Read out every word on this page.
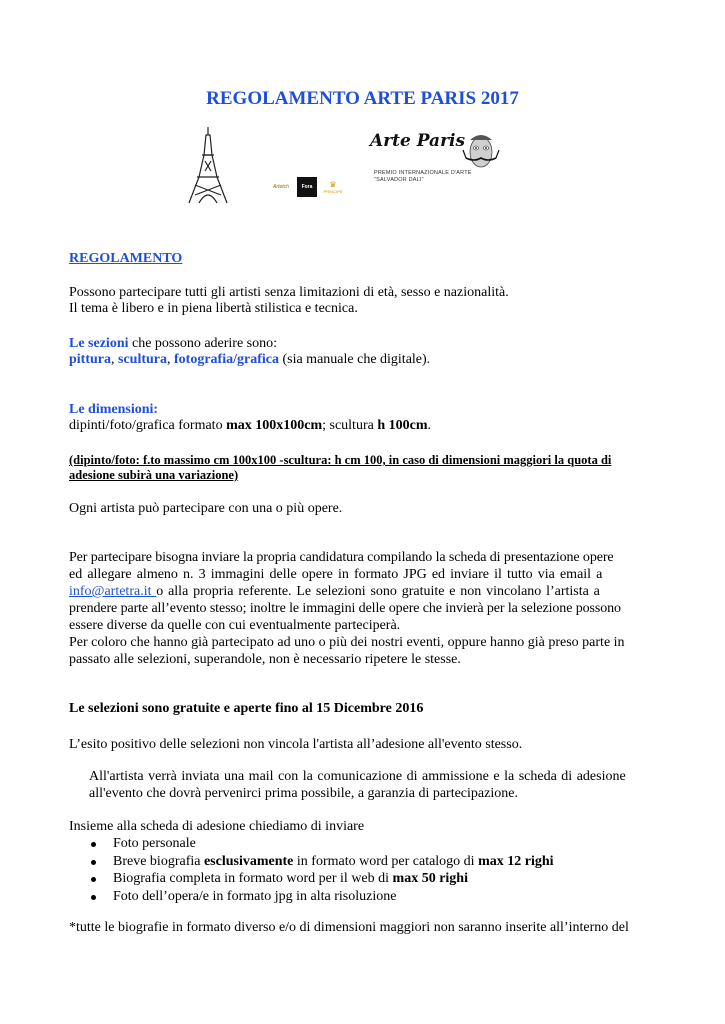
REGOLAMENTO ARTE PARIS 2017
Artetch	Fora	♛
PRINCIPE
Arte Paris
PREMIO INTERNAZIONALE D'ARTE
"SALVADOR DALI"
REGOLAMENTO
Possono partecipare tutti gli artisti senza limitazioni di età, sesso e nazionalità.
Il tema è libero e in piena libertà stilistica e tecnica.
Le sezioni che possono aderire sono:
pittura, scultura, fotografia/grafica (sia manuale che digitale).
Le dimensioni:
dipinti/foto/grafica formato max 100x100cm; scultura h 100cm.
(dipinto/foto: f.to massimo cm 100x100 -scultura: h cm 100, in caso di dimensioni maggiori la quota di
adesione subirà una variazione)
Ogni artista può partecipare con una o più opere.
Per partecipare bisogna inviare la propria candidatura compilando la scheda di presentazione opere
ed allegare almeno n. 3 immagini delle opere in formato JPG ed inviare il tutto via email a
info@artetra.it o alla propria referente. Le selezioni sono gratuite e non vincolano l’artista a
prendere parte all’evento stesso; inoltre le immagini delle opere che invierà per la selezione possono
essere diverse da quelle con cui eventualmente parteciperà.
Per coloro che hanno già partecipato ad uno o più dei nostri eventi, oppure hanno già preso parte in
passato alle selezioni, superandole, non è necessario ripetere le stesse.
Le selezioni sono gratuite e aperte fino al 15 Dicembre 2016
L’esito positivo delle selezioni non vincola l'artista all’adesione all'evento stesso.
All'artista verrà inviata una mail con la comunicazione di ammissione e la scheda di adesione
all'evento che dovrà pervenirci prima possibile, a garanzia di partecipazione.
Insieme alla scheda di adesione chiediamo di inviare
Foto personale
Breve biografia esclusivamente in formato word per catalogo di max 12 righi
Biografia completa in formato word per il web di max 50 righi
Foto dell’opera/e in formato jpg in alta risoluzione
*tutte le biografie in formato diverso e/o di dimensioni maggiori non saranno inserite all’interno del
